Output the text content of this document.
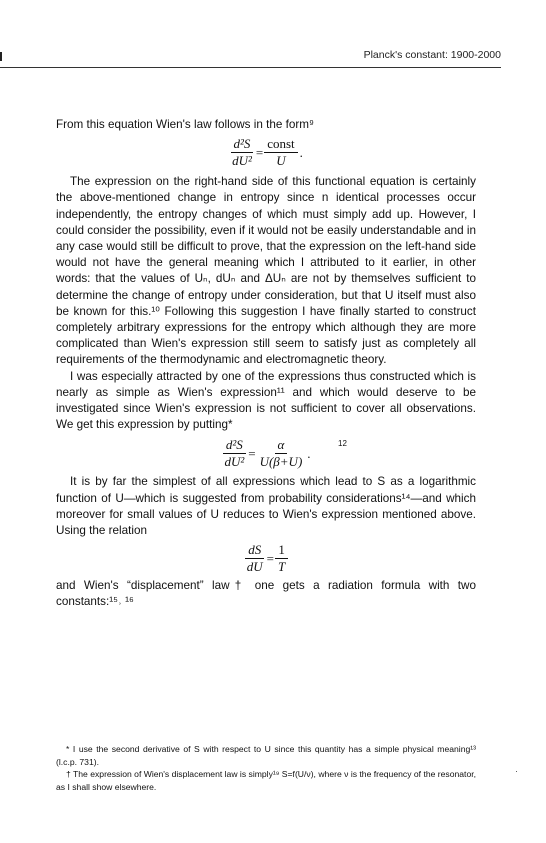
Planck's constant: 1900-2000

From this equation Wien's law follows in the form⁹

$\frac{\text{d²S}}{\text{dU²}} = \frac{\text{const}}{U}$ .

The expression on the right-hand side of this functional equation is certainly the above-mentioned change in entropy since n identical processes occur independently, the entropy changes of which must simply add up. However, I could consider the possibility, even if it would not be easily understandable and in any case would still be difficult to prove, that the expression on the left-hand side would not have the general meaning which I attributed to it earlier, in other words: that the values of Uₙ, dUₙ and ΔUₙ are not by themselves sufficient to determine the change of entropy under consideration, but that U itself must also be known for this.¹⁰ Following this suggestion I have finally started to construct completely arbitrary expressions for the entropy which although they are more complicated than Wien's expression still seem to satisfy just as completely all requirements of the thermodynamic and electromagnetic theory.

I was especially attracted by one of the expressions thus constructed which is nearly as simple as Wien's expression¹¹ and which would deserve to be investigated since Wien's expression is not sufficient to cover all observations. We get this expression by putting*

$\frac{\text{d²S}}{\text{dU²}} = \frac{\alpha}{U(\beta+U)}$ .
12

It is by far the simplest of all expressions which lead to S as a logarithmic function of U—which is suggested from probability considerations¹⁴—and which moreover for small values of U reduces to Wien's expression mentioned above. Using the relation

$\frac{dS}{dU} = \frac{1}{T}$

and Wien's “displacement” law† one gets a radiation formula with two constants:¹⁵˒ ¹⁶

* I use the second derivative of S with respect to U since this quantity has a simple physical meaning¹³ (l.c.p. 731).

† The expression of Wien's displacement law is simply¹⁹ S=f(U/ν), where ν is the frequency of the resonator, as I shall show elsewhere.

·
